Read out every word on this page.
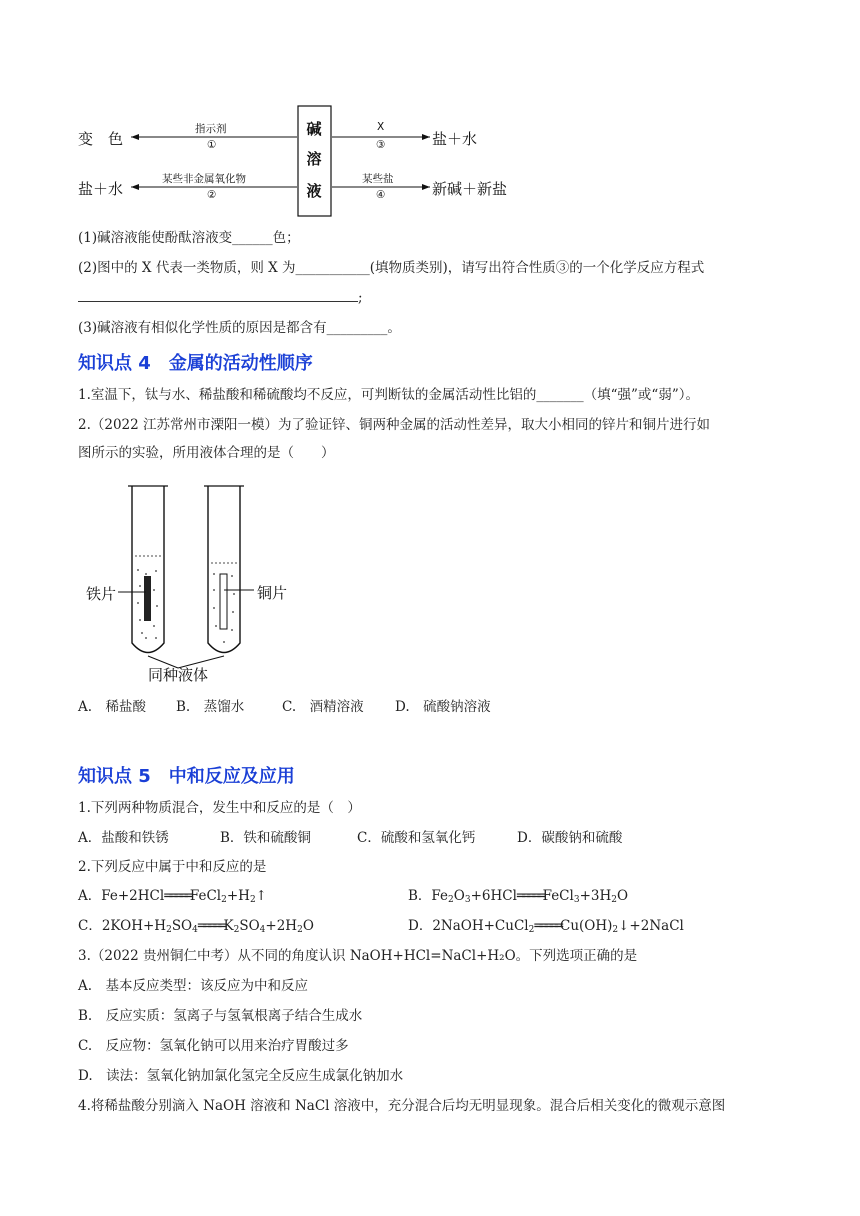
碱
溶
液
变　色
盐＋水
盐＋水
新碱＋新盐
指示剂
①
某些非金属氧化物
②
X
③
某些盐
④
(1)碱溶液能使酚酞溶液变______色；
(2)图中的 X 代表一类物质，则 X 为___________(填物质类别)，请写出符合性质③的一个化学反应方程式
;
(3)碱溶液有相似化学性质的原因是都含有_________。
知识点 4　金属的活动性顺序
1.室温下，钛与水、稀盐酸和稀硫酸均不反应，可判断钛的金属活动性比铝的_______（填“强”或“弱”）。
2.（2022 江苏常州市溧阳一模）为了验证锌、铜两种金属的活动性差异，取大小相同的锌片和铜片进行如
图所示的实验，所用液体合理的是（　　）
铁片	铜片
同种液体
A.　稀盐酸 B.　蒸馏水	C.　酒精溶液 D.　硫酸钠溶液
知识点 5　中和反应及应用
1.下列两种物质混合，发生中和反应的是（　）
A．盐酸和铁锈	B．铁和硫酸铜	C．硫酸和氢氧化钙	D．碳酸钠和硫酸
2.下列反应中属于中和反应的是
A．$Fe+2HCl═════FeCl_2+H_2↑$	B．$Fe_2O_3+6HCl═════FeCl_3+3H_2O$
C．$2KOH+H_2SO_4═════K_2SO_4+2H_2O$	D．$2NaOH+CuCl_2═════Cu(OH)_2↓+2NaCl$
3.（2022 贵州铜仁中考）从不同的角度认识 NaOH+HCl=NaCl+H₂O。下列选项正确的是
A.　基本反应类型：该反应为中和反应
B.　反应实质：氢离子与氢氧根离子结合生成水
C.　反应物：氢氧化钠可以用来治疗胃酸过多
D.　读法：氢氧化钠加氯化氢完全反应生成氯化钠加水
4.将稀盐酸分别滴入 NaOH 溶液和 NaCl 溶液中，充分混合后均无明显现象。混合后相关变化的微观示意图
